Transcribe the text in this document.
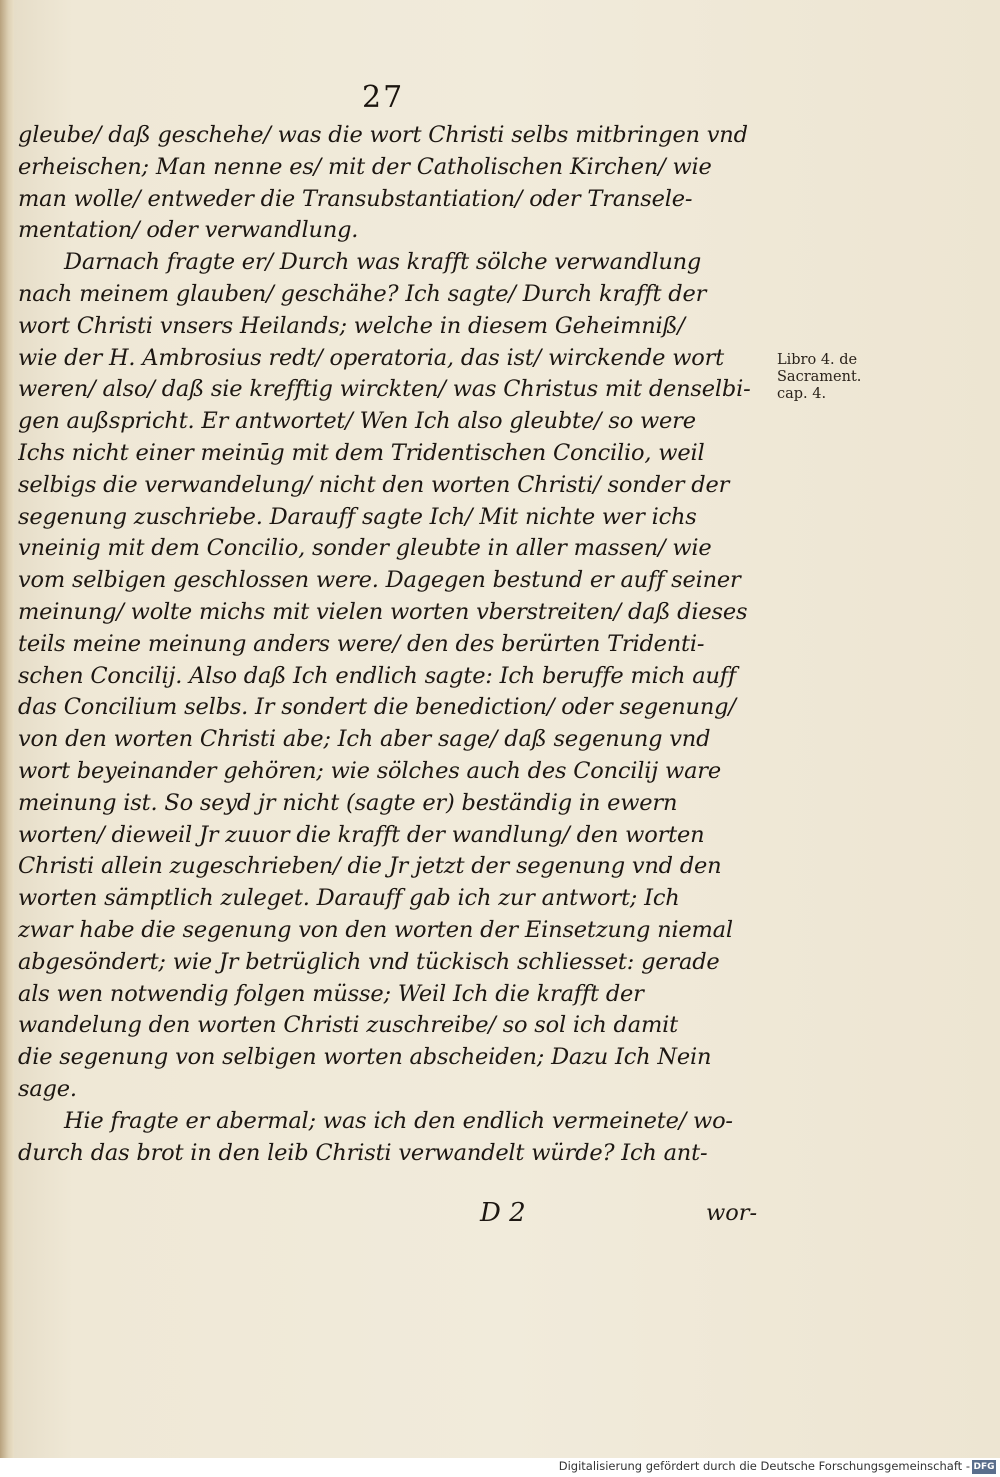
27
gleube/ daß geschehe/ was die wort Christi selbs mitbringen vnd
erheischen; Man nenne es/ mit der Catholischen Kirchen/ wie
man wolle/ entweder die Transubstantiation/ oder Transele-
mentation/ oder verwandlung.
Darnach fragte er/ Durch was krafft sölche verwandlung
nach meinem glauben/ geschähe? Ich sagte/ Durch krafft der
wort Christi vnsers Heilands; welche in diesem Geheimniß/
wie der H. Ambrosius redt/ operatoria, das ist/ wirckende wort
weren/ also/ daß sie krefftig wirckten/ was Christus mit denselbi-
gen außspricht. Er antwortet/ Wen Ich also gleubte/ so were
Ichs nicht einer meinūg mit dem Tridentischen Concilio, weil
selbigs die verwandelung/ nicht den worten Christi/ sonder der
segenung zuschriebe. Darauff sagte Ich/ Mit nichte wer ichs
vneinig mit dem Concilio, sonder gleubte in aller massen/ wie
vom selbigen geschlossen were. Dagegen bestund er auff seiner
meinung/ wolte michs mit vielen worten vberstreiten/ daß dieses
teils meine meinung anders were/ den des berürten Tridenti-
schen Concilij. Also daß Ich endlich sagte: Ich beruffe mich auff
das Concilium selbs. Ir sondert die benediction/ oder segenung/
von den worten Christi abe; Ich aber sage/ daß segenung vnd
wort beyeinander gehören; wie sölches auch des Concilij ware
meinung ist. So seyd jr nicht (sagte er) beständig in ewern
worten/ dieweil Jr zuuor die krafft der wandlung/ den worten
Christi allein zugeschrieben/ die Jr jetzt der segenung vnd den
worten sämptlich zuleget. Darauff gab ich zur antwort; Ich
zwar habe die segenung von den worten der Einsetzung niemal
abgesöndert; wie Jr betrüglich vnd tückisch schliesset: gerade
als wen notwendig folgen müsse; Weil Ich die krafft der
wandelung den worten Christi zuschreibe/ so sol ich damit
die segenung von selbigen worten abscheiden; Dazu Ich Nein
sage.
Hie fragte er abermal; was ich den endlich vermeinete/ wo-
durch das brot in den leib Christi verwandelt würde? Ich ant-
Libro 4. de
Sacrament.
cap. 4.
D 2	wor-
Digitalisierung gefördert durch die Deutsche Forschungsgemeinschaft - DFG
